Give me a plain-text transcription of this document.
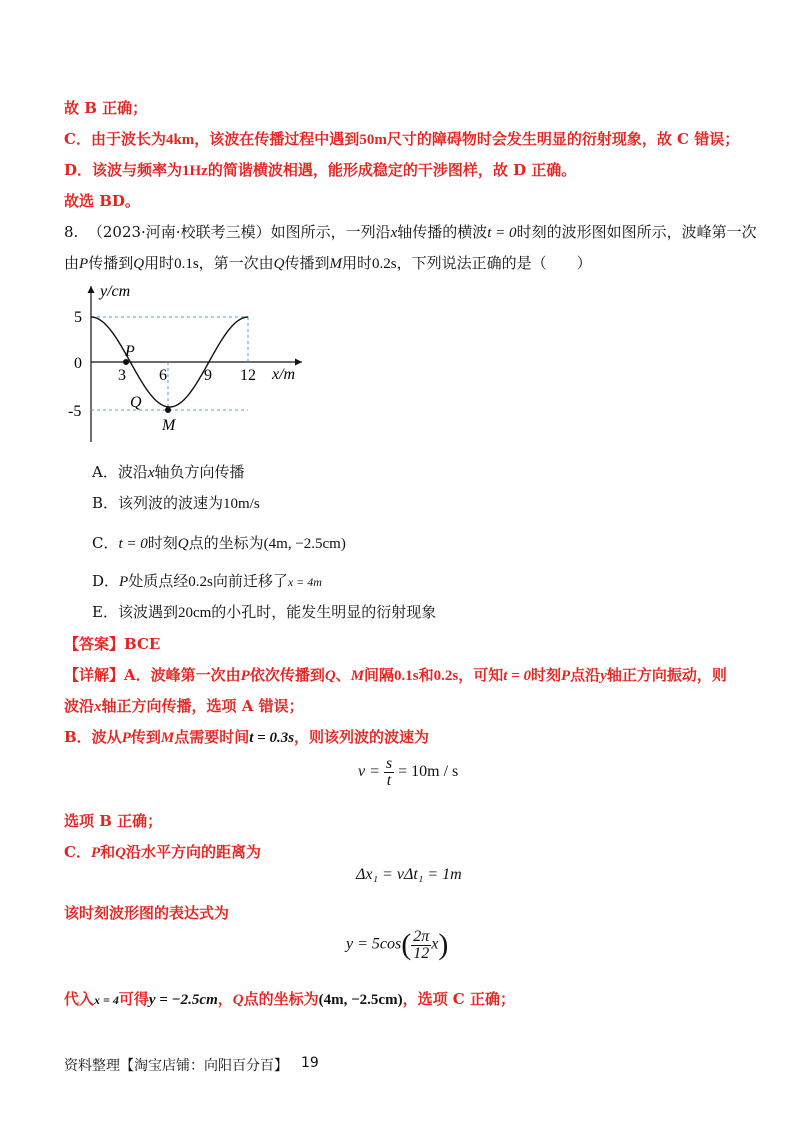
故 B 正确；
C．由于波长为4km，该波在传播过程中遇到50m尺寸的障碍物时会发生明显的衍射现象，故 C 错误；
D．该波与频率为1Hz的简谐横波相遇，能形成稳定的干涉图样，故 D 正确。
故选 BD。
8. （2023·河南·校联考三模）如图所示，一列沿x轴传播的横波t = 0时刻的波形图如图所示，波峰第一次
由P传播到Q用时0.1s，第一次由Q传播到M用时0.2s，下列说法正确的是（　　）
y/cm
x/m
5
0
-5
3 6 9 12
P
Q
M
A．波沿x轴负方向传播
B．该列波的波速为10m/s
C．t = 0时刻Q点的坐标为(4m, −2.5cm)
D．P处质点经0.2s向前迁移了x = 4m
E．该波遇到20cm的小孔时，能发生明显的衍射现象
【答案】BCE
【详解】A．波峰第一次由P依次传播到Q、M间隔0.1s和0.2s，可知t = 0时刻P点沿y轴正方向振动，则
波沿x轴正方向传播，选项 A 错误；
B．波从P传到M点需要时间t = 0.3s，则该列波的波速为
$v = \frac{s}{t} = 10m / s$
选项 B 正确；
C．P和Q沿水平方向的距离为
Δx₁ = vΔt₁ = 1m
该时刻波形图的表达式为
$y = 5\cos( \frac{2\pi}{12} x)$
代入x = 4可得y = −2.5cm，Q点的坐标为(4m, −2.5cm)，选项 C 正确；
资料整理【淘宝店铺：向阳百分百】 19
